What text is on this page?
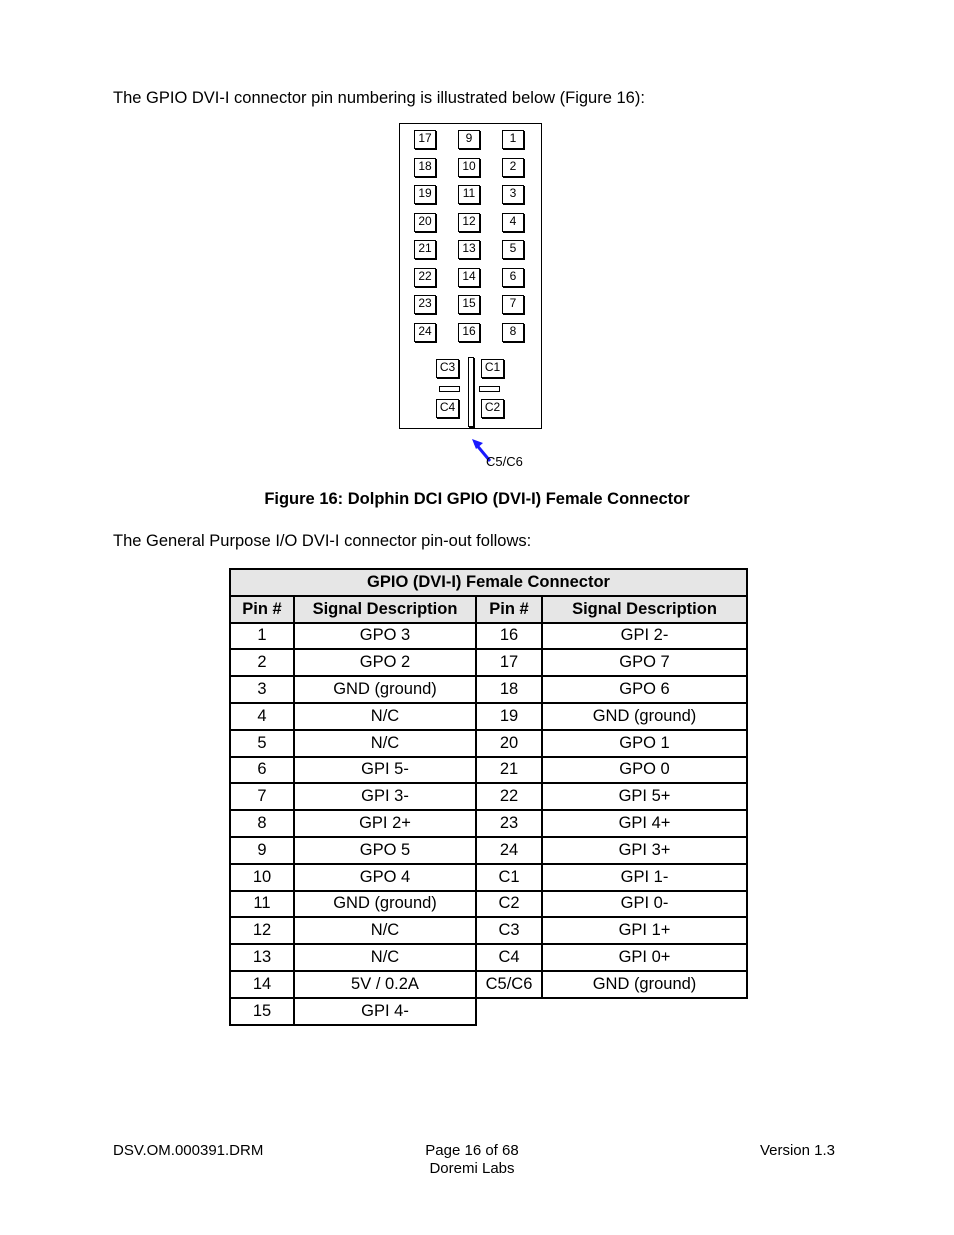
The GPIO DVI-I connector pin numbering is illustrated below (Figure 16):
C3	C1
C4	C2
17
18
19
20
21
22
23
24
9
10
11
12
13
14
15
16
1
2
3
4
5
6
7
8
C5/C6
Figure 16: Dolphin DCI GPIO (DVI-I) Female Connector
The General Purpose I/O DVI-I connector pin-out follows:
GPIO (DVI-I) Female Connector			
Pin #	Signal Description	Pin #	Signal Description
1	GPO 3	16	GPI 2-
2	GPO 2	17	GPO 7
3	GND (ground)	18	GPO 6
4	N/C	19	GND (ground)
5	N/C	20	GPO 1
6	GPI 5-	21	GPO 0
7	GPI 3-	22	GPI 5+
8	GPI 2+	23	GPI 4+
9	GPO 5	24	GPI 3+
10	GPO 4	C1	GPI 1-
11	GND (ground)	C2	GPI 0-
12	N/C	C3	GPI 1+
13	N/C	C4	GPI 0+
14	5V / 0.2A	C5/C6	GND (ground)
15	GPI 4-		
DSV.OM.000391.DRM	Page 16 of 68
Doremi Labs
Version 1.3
